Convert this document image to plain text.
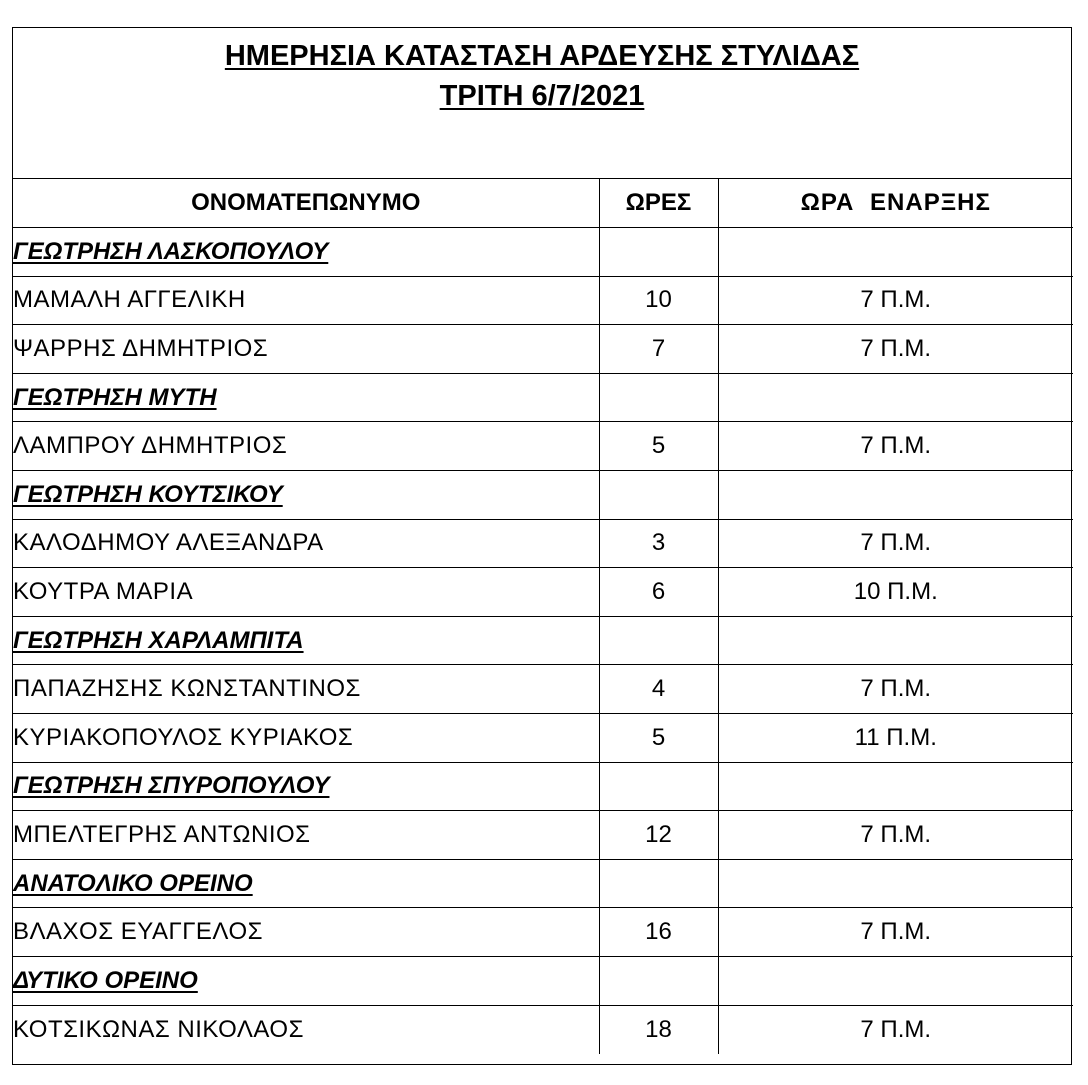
ΗΜΕΡΗΣΙΑ ΚΑΤΑΣΤΑΣΗ ΑΡΔΕΥΣΗΣ ΣΤΥΛΙΔΑΣ
ΤΡΙΤΗ 6/7/2021
ΟΝΟΜΑΤΕΠΩΝΥΜΟ	ΩΡΕΣ	ΩΡΑ ΕΝΑΡΞΗΣ
ΓΕΩΤΡΗΣΗ ΛΑΣΚΟΠΟΥΛΟΥ		
ΜΑΜΑΛΗ ΑΓΓΕΛΙΚΗ	10	7 Π.Μ.
ΨΑΡΡΗΣ ΔΗΜΗΤΡΙΟΣ	7	7 Π.Μ.
ΓΕΩΤΡΗΣΗ ΜΥΤΗ		
ΛΑΜΠΡΟΥ ΔΗΜΗΤΡΙΟΣ	5	7 Π.Μ.
ΓΕΩΤΡΗΣΗ ΚΟΥΤΣΙΚΟΥ		
ΚΑΛΟΔΗΜΟΥ ΑΛΕΞΑΝΔΡΑ	3	7 Π.Μ.
ΚΟΥΤΡΑ ΜΑΡΙΑ	6	10 Π.Μ.
ΓΕΩΤΡΗΣΗ ΧΑΡΛΑΜΠΙΤΑ		
ΠΑΠΑΖΗΣΗΣ ΚΩΝΣΤΑΝΤΙΝΟΣ	4	7 Π.Μ.
ΚΥΡΙΑΚΟΠΟΥΛΟΣ ΚΥΡΙΑΚΟΣ	5	11 Π.Μ.
ΓΕΩΤΡΗΣΗ ΣΠΥΡΟΠΟΥΛΟΥ		
ΜΠΕΛΤΕΓΡΗΣ ΑΝΤΩΝΙΟΣ	12	7 Π.Μ.
ΑΝΑΤΟΛΙΚΟ ΟΡΕΙΝΟ		
ΒΛΑΧΟΣ ΕΥΑΓΓΕΛΟΣ	16	7 Π.Μ.
ΔΥΤΙΚΟ ΟΡΕΙΝΟ		
ΚΟΤΣΙΚΩΝΑΣ ΝΙΚΟΛΑΟΣ	18	7 Π.Μ.
